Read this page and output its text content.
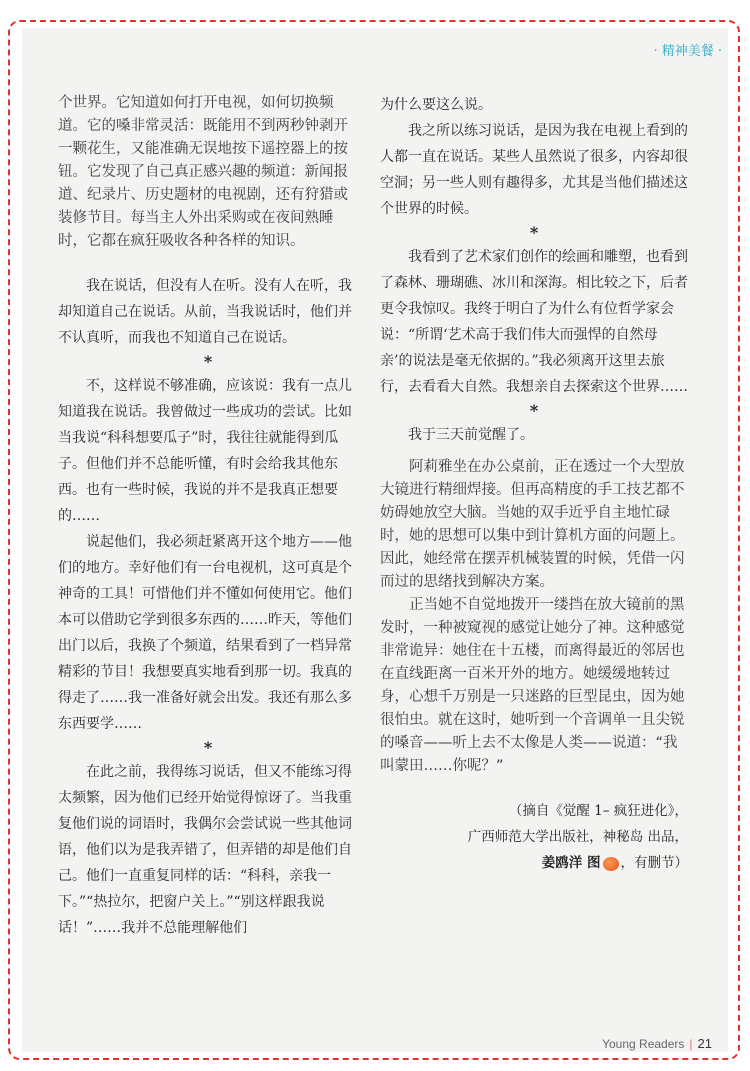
· 精神美餐 ·

个世界。它知道如何打开电视，如何切换频道。它的嗓非常灵活：既能用不到两秒钟剥开一颗花生，又能准确无误地按下遥控器上的按钮。它发现了自己真正感兴趣的频道：新闻报道、纪录片、历史题材的电视剧，还有狩猎或装修节目。每当主人外出采购或在夜间熟睡时，它都在疯狂吸收各种各样的知识。

我在说话，但没有人在听。没有人在听，我却知道自己在说话。从前，当我说话时，他们并不认真听，而我也不知道自己在说话。

*

不，这样说不够准确，应该说：我有一点儿知道我在说话。我曾做过一些成功的尝试。比如当我说“科科想要瓜子”时，我往往就能得到瓜子。但他们并不总能听懂，有时会给我其他东西。也有一些时候，我说的并不是我真正想要的……

说起他们，我必须赶紧离开这个地方——他们的地方。幸好他们有一台电视机，这可真是个神奇的工具！可惜他们并不懂如何使用它。他们本可以借助它学到很多东西的……昨天，等他们出门以后，我换了个频道，结果看到了一档异常精彩的节目！我想要真实地看到那一切。我真的得走了……我一准备好就会出发。我还有那么多东西要学……

*

在此之前，我得练习说话，但又不能练习得太频繁，因为他们已经开始觉得惊讶了。当我重复他们说的词语时，我偶尔会尝试说一些其他词语，他们以为是我弄错了，但弄错的却是他们自己。他们一直重复同样的话：“科科，亲我一下。”“热拉尔，把窗户关上。”“别这样跟我说话！”……我并不总能理解他们

为什么要这么说。

我之所以练习说话，是因为我在电视上看到的人都一直在说话。某些人虽然说了很多，内容却很空洞；另一些人则有趣得多，尤其是当他们描述这个世界的时候。

*

我看到了艺术家们创作的绘画和雕塑，也看到了森林、珊瑚礁、冰川和深海。相比较之下，后者更令我惊叹。我终于明白了为什么有位哲学家会说：“所谓‘艺术高于我们伟大而强悍的自然母亲’的说法是毫无依据的。”我必须离开这里去旅行，去看看大自然。我想亲自去探索这个世界……

*

我于三天前觉醒了。

阿莉雅坐在办公桌前，正在透过一个大型放大镜进行精细焊接。但再高精度的手工技艺都不妨碍她放空大脑。当她的双手近乎自主地忙碌时，她的思想可以集中到计算机方面的问题上。因此，她经常在摆弄机械装置的时候，凭借一闪而过的思绪找到解决方案。

正当她不自觉地拨开一缕挡在放大镜前的黑发时，一种被窥视的感觉让她分了神。这种感觉非常诡异：她住在十五楼，而离得最近的邻居也在直线距离一百米开外的地方。她缓缓地转过身，心想千万别是一只迷路的巨型昆虫，因为她很怕虫。就在这时，她听到一个音调单一且尖锐的嗓音——听上去不太像是人类——说道：“我叫蒙田……你呢？”

（摘自《觉醒 1– 疯狂进化》，
广西师范大学出版社，神秘岛 出品，
姜鸥洋 图 ，有删节）
Young Readers | 21
